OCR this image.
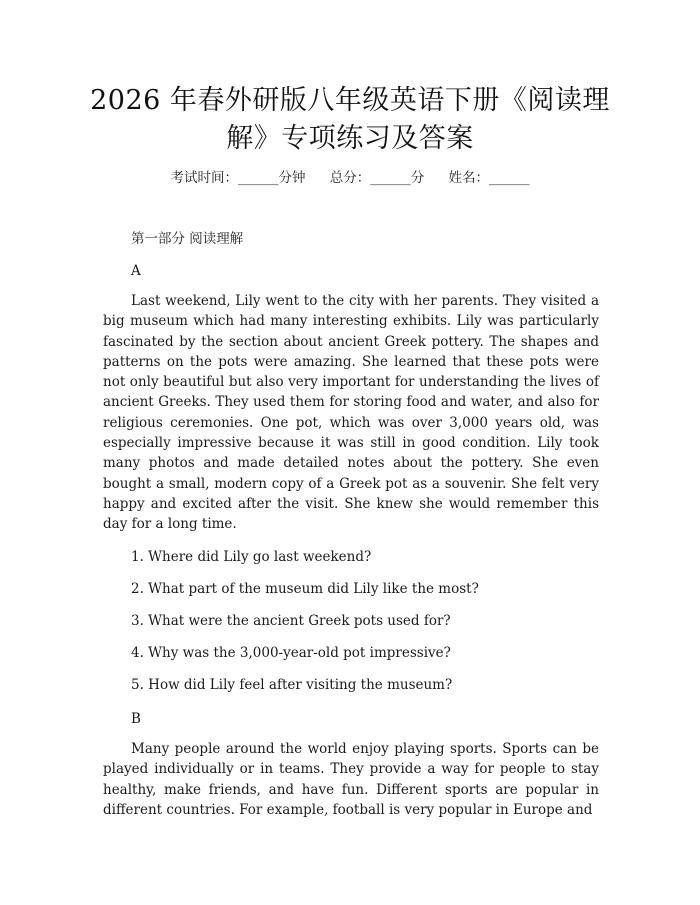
2026 年春外研版八年级英语下册《阅读理
解》专项练习及答案
考试时间：______分钟 总分：______分 姓名：______
第一部分 阅读理解
A

Last weekend, Lily went to the city with her parents. They visited a big museum which had many interesting exhibits. Lily was particularly fascinated by the section about ancient Greek pottery. The shapes and patterns on the pots were amazing. She learned that these pots were not only beautiful but also very important for understanding the lives of ancient Greeks. They used them for storing food and water, and also for religious ceremonies. One pot, which was over 3,000 years old, was especially impressive because it was still in good condition. Lily took many photos and made detailed notes about the pottery. She even bought a small, modern copy of a Greek pot as a souvenir. She felt very happy and excited after the visit. She knew she would remember this day for a long time.

1. Where did Lily go last weekend?
2. What part of the museum did Lily like the most?
3. What were the ancient Greek pots used for?
4. Why was the 3,000-year-old pot impressive?
5. How did Lily feel after visiting the museum?
B

Many people around the world enjoy playing sports. Sports can be played individually or in teams. They provide a way for people to stay healthy, make friends, and have fun. Different sports are popular in different countries. For example, football is very popular in Europe and
